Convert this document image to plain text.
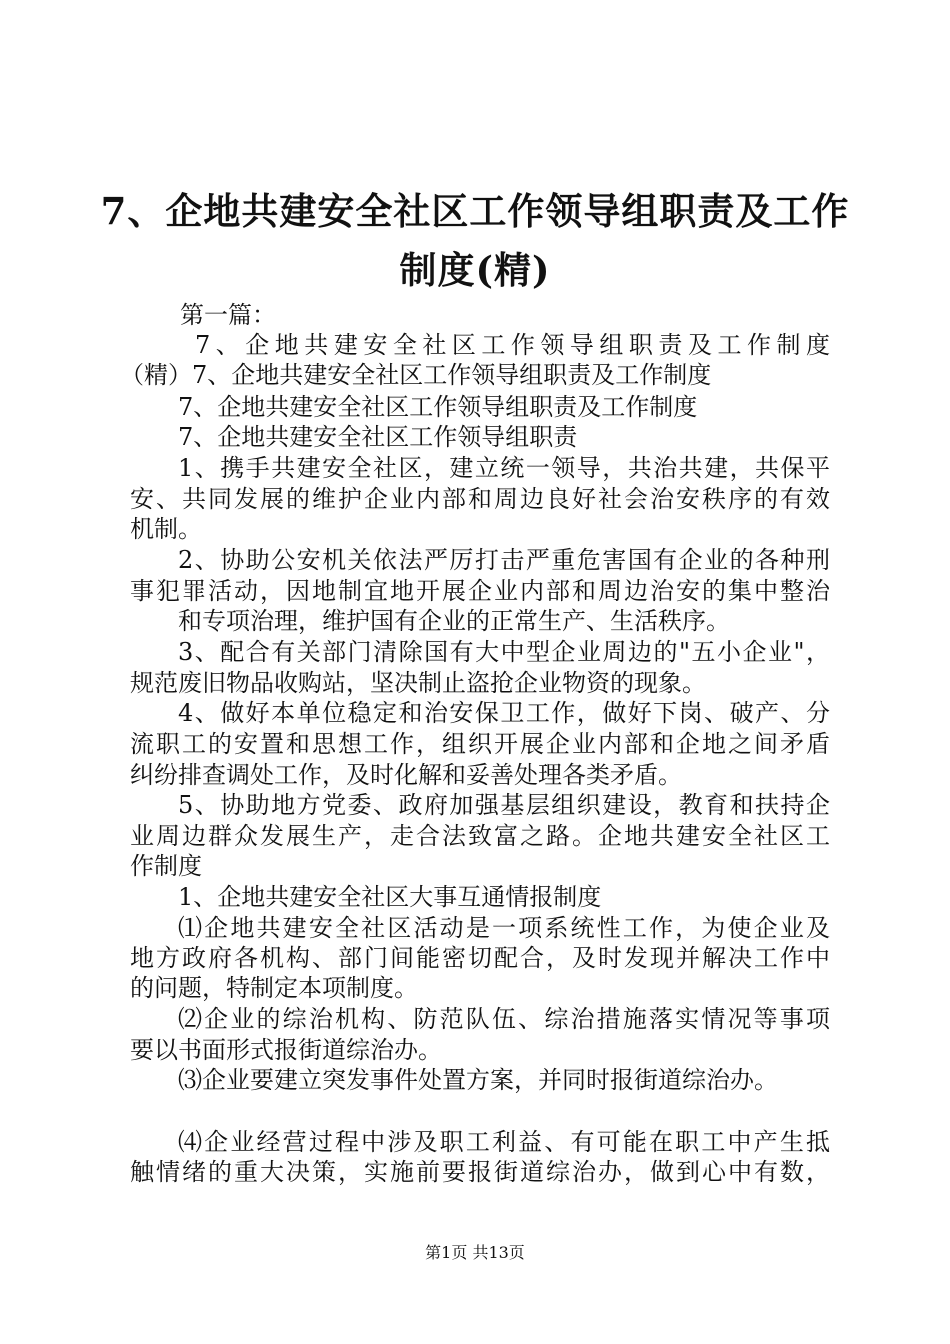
7、企地共建安全社区工作领导组职责及工作
制度(精)

第一篇：

7、企地共建安全社区工作领导组职责及工作制度

（精）7、企地共建安全社区工作领导组职责及工作制度

7、企地共建安全社区工作领导组职责及工作制度

7、企地共建安全社区工作领导组职责

1、携手共建安全社区，建立统一领导，共治共建，共保平

安、共同发展的维护企业内部和周边良好社会治安秩序的有效

机制。

2、协助公安机关依法严厉打击严重危害国有企业的各种刑

事犯罪活动，因地制宜地开展企业内部和周边治安的集中整治

和专项治理，维护国有企业的正常生产、生活秩序。

3、配合有关部门清除国有大中型企业周边的"五小企业"，

规范废旧物品收购站，坚决制止盗抢企业物资的现象。

4、做好本单位稳定和治安保卫工作，做好下岗、破产、分

流职工的安置和思想工作，组织开展企业内部和企地之间矛盾

纠纷排查调处工作，及时化解和妥善处理各类矛盾。

5、协助地方党委、政府加强基层组织建设，教育和扶持企

业周边群众发展生产，走合法致富之路。企地共建安全社区工

作制度

1、企地共建安全社区大事互通情报制度

⑴企地共建安全社区活动是一项系统性工作，为使企业及

地方政府各机构、部门间能密切配合，及时发现并解决工作中

的问题，特制定本项制度。

⑵企业的综治机构、防范队伍、综治措施落实情况等事项

要以书面形式报街道综治办。

⑶企业要建立突发事件处置方案，并同时报街道综治办。

⑷企业经营过程中涉及职工利益、有可能在职工中产生抵

触情绪的重大决策，实施前要报街道综治办，做到心中有数，

第1页 共13页
